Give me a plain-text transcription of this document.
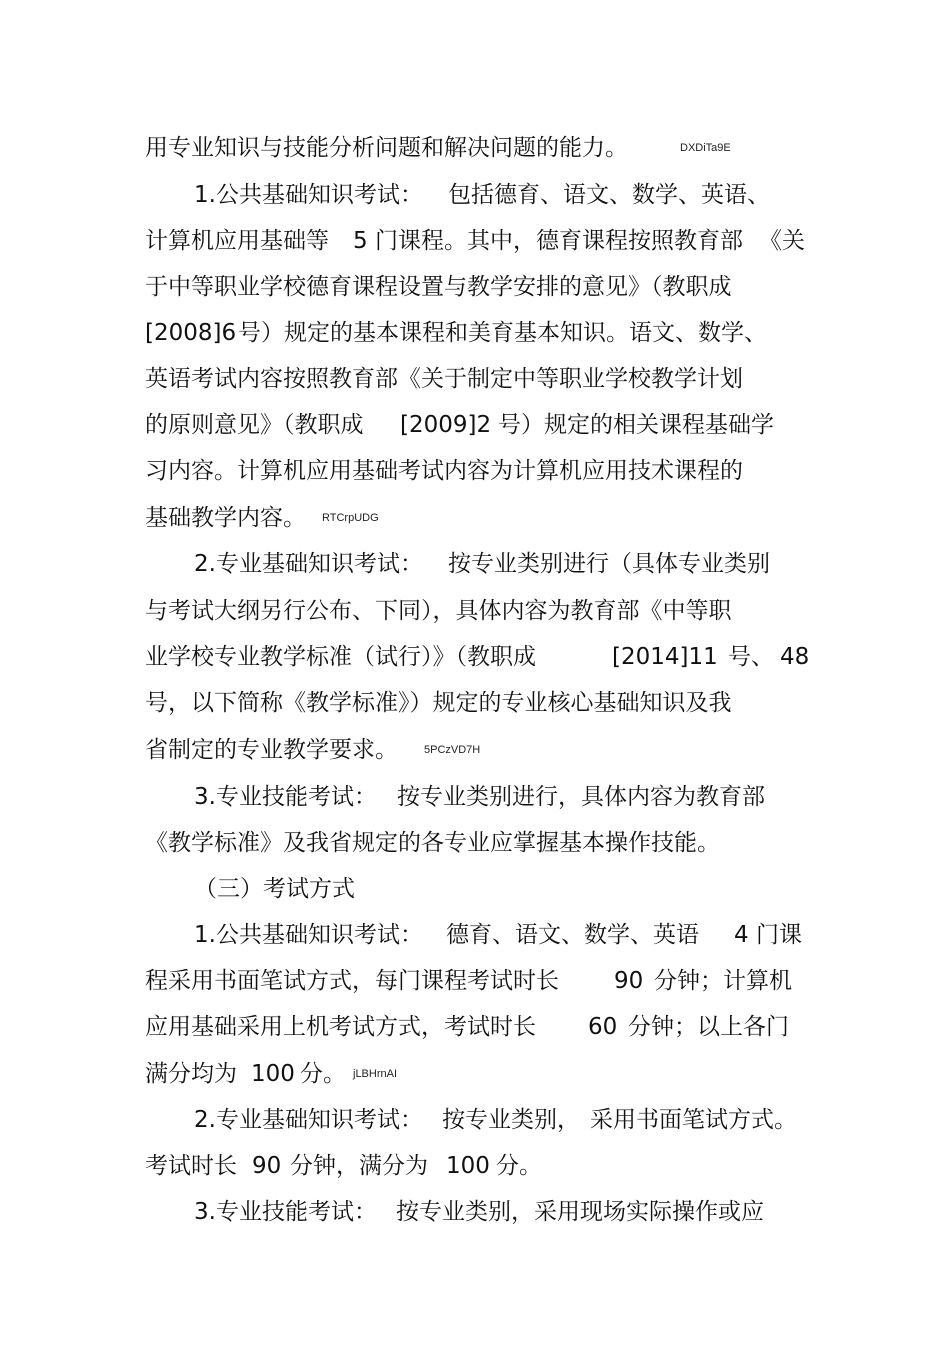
用专业知识与技能分析问题和解决问题的能力。

	DXDiTa9E

1.公共基础知识考试：

包括德育、语文、数学、英语、

计算机应用基础等

5 门课程。其中，德育课程按照教育部

《关

于中等职业学校德育课程设置与教学安排的意见》（教职成

[2008]6

号）规定的基本课程和美育基本知识。语文、数学、

英语考试内容按照教育部《关于制定中等职业学校教学计划

的原则意见》（教职成

[2009]2

号）规定的相关课程基础学

习内容。计算机应用基础考试内容为计算机应用技术课程的

基础教学内容。

RTCrpUDG

2.专业基础知识考试：

按专业类别进行（具体专业类别

与考试大纲另行公布、下同），具体内容为教育部《中等职

业学校专业教学标准（试行）》（教职成

	[2014]11

号、

48

号，以下简称《教学标准》）规定的专业核心基础知识及我

省制定的专业教学要求。

5PCzVD7H

3.专业技能考试：

按专业类别进行，具体内容为教育部

《教学标准》及我省规定的各专业应掌握基本操作技能。

（三）考试方式

1.公共基础知识考试：

德育、语文、数学、英语

4 门课

程采用书面笔试方式，每门课程考试时长

90

分钟；计算机

应用基础采用上机考试方式，考试时长

60

分钟；以上各门

满分均为

100

分。

jLBHrnAI

2.专业基础知识考试：

按专业类别，

采用书面笔试方式。

考试时长

90

分钟，满分为

100

分。

3.专业技能考试：

按专业类别，采用现场实际操作或应
